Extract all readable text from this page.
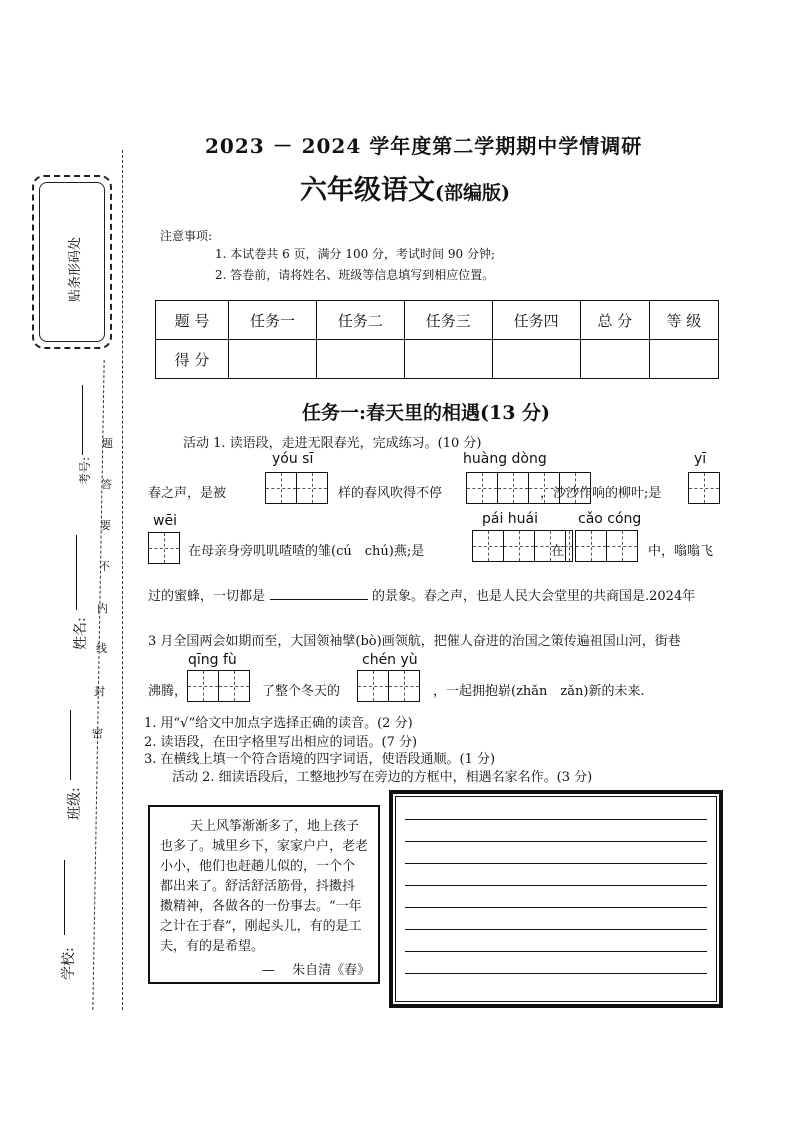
贴条形码处
密
封
线
内
不
要
答
题
学校:
班级:
姓名:
考号:
2023 － 2024 学年度第二学期期中学情调研
六年级语文(部编版)
注意事项:
1. 本试卷共 6 页，满分 100 分，考试时间 90 分钟;
2. 答卷前，请将姓名、班级等信息填写到相应位置。
题 号	任务一	任务二	任务三	任务四	总 分	等 级
得 分						
任务一:春天里的相遇(13 分)
活动 1. 读语段，走进无限春光，完成练习。(10 分)
yóu sī	huàng dòng	yī
春之声，是被	样的春风吹得不停	，沙沙作响的柳叶;是
wēi	pái huái	cǎo cóng
在母亲身旁叽叽喳喳的雏(cú　chú)燕;是	在	中，嗡嗡飞
过的蜜蜂，一切都是	的景象。春之声，也是人民大会堂里的共商国是.2024年
3 月全国两会如期而至，大国领袖擘(bò)画领航，把催人奋进的治国之策传遍祖国山河，街巷
qīng fù	chén yù
沸腾，	了整个冬天的	，一起拥抱崭(zhǎn　zǎn)新的未来.
1. 用“√”给文中加点字选择正确的读音。(2 分)
2. 读语段，在田字格里写出相应的词语。(7 分)
3. 在横线上填一个符合语境的四字词语，使语段通顺。(1 分)
活动 2. 细读语段后，工整地抄写在旁边的方框中，相遇名家名作。(3 分)
天上风筝渐渐多了，地上孩子
也多了。城里乡下，家家户户，老老
小小，他们也赶趟儿似的，一个个
都出来了。舒活舒活筋骨，抖擞抖
擞精神，各做各的一份事去。“一年
之计在于春”，刚起头儿，有的是工
夫，有的是希望。
— 　朱自清《春》
